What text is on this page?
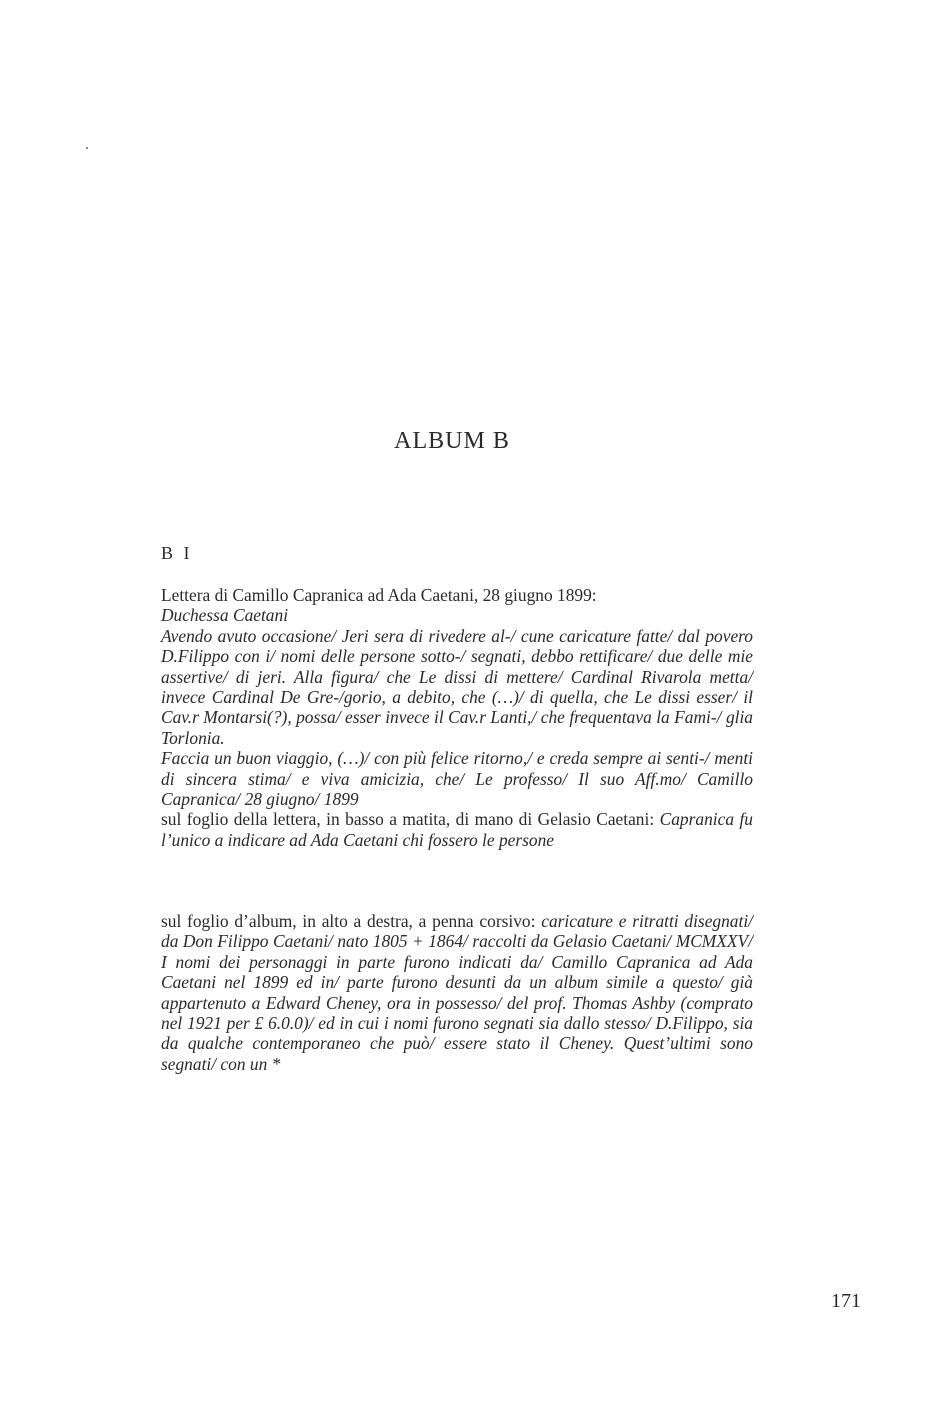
.
ALBUM B

B I

Lettera di Camillo Capranica ad Ada Caetani, 28 giugno 1899:
Duchessa Caetani
Avendo avuto occasione/ Jeri sera di rivedere al-/ cune caricature fatte/ dal povero D.Filippo con i/ nomi delle persone sotto-/ segnati, debbo rettificare/ due delle mie assertive/ di jeri. Alla figura/ che Le dissi di mettere/ Cardinal Rivarola metta/ invece Cardinal De Gre-/gorio, a debito, che (…)/ di quella, che Le dissi esser/ il Cav.r Montarsi(?), possa/ esser invece il Cav.r Lanti,/ che frequentava la Fami-/ glia Torlonia.
Faccia un buon viaggio, (…)/ con più felice ritorno,/ e creda sempre ai senti-/ menti di sincera stima/ e viva amicizia, che/ Le professo/ Il suo Aff.mo/ Camillo Capranica/ 28 giugno/ 1899
sul foglio della lettera, in basso a matita, di mano di Gelasio Caetani: Capranica fu l’unico a indicare ad Ada Caetani chi fossero le persone
sul foglio d’album, in alto a destra, a penna corsivo: caricature e ritratti disegnati/ da Don Filippo Caetani/ nato 1805 + 1864/ raccolti da Gelasio Caetani/ MCMXXV/ I nomi dei personaggi in parte furono indicati da/ Camillo Capranica ad Ada Caetani nel 1899 ed in/ parte furono desunti da un album simile a questo/ già appartenuto a Edward Cheney, ora in possesso/ del prof. Thomas Ashby (comprato nel 1921 per £ 6.0.0)/ ed in cui i nomi furono segnati sia dallo stesso/ D.Filippo, sia da qualche contemporaneo che può/ essere stato il Cheney. Quest’ultimi sono segnati/ con un *

171
